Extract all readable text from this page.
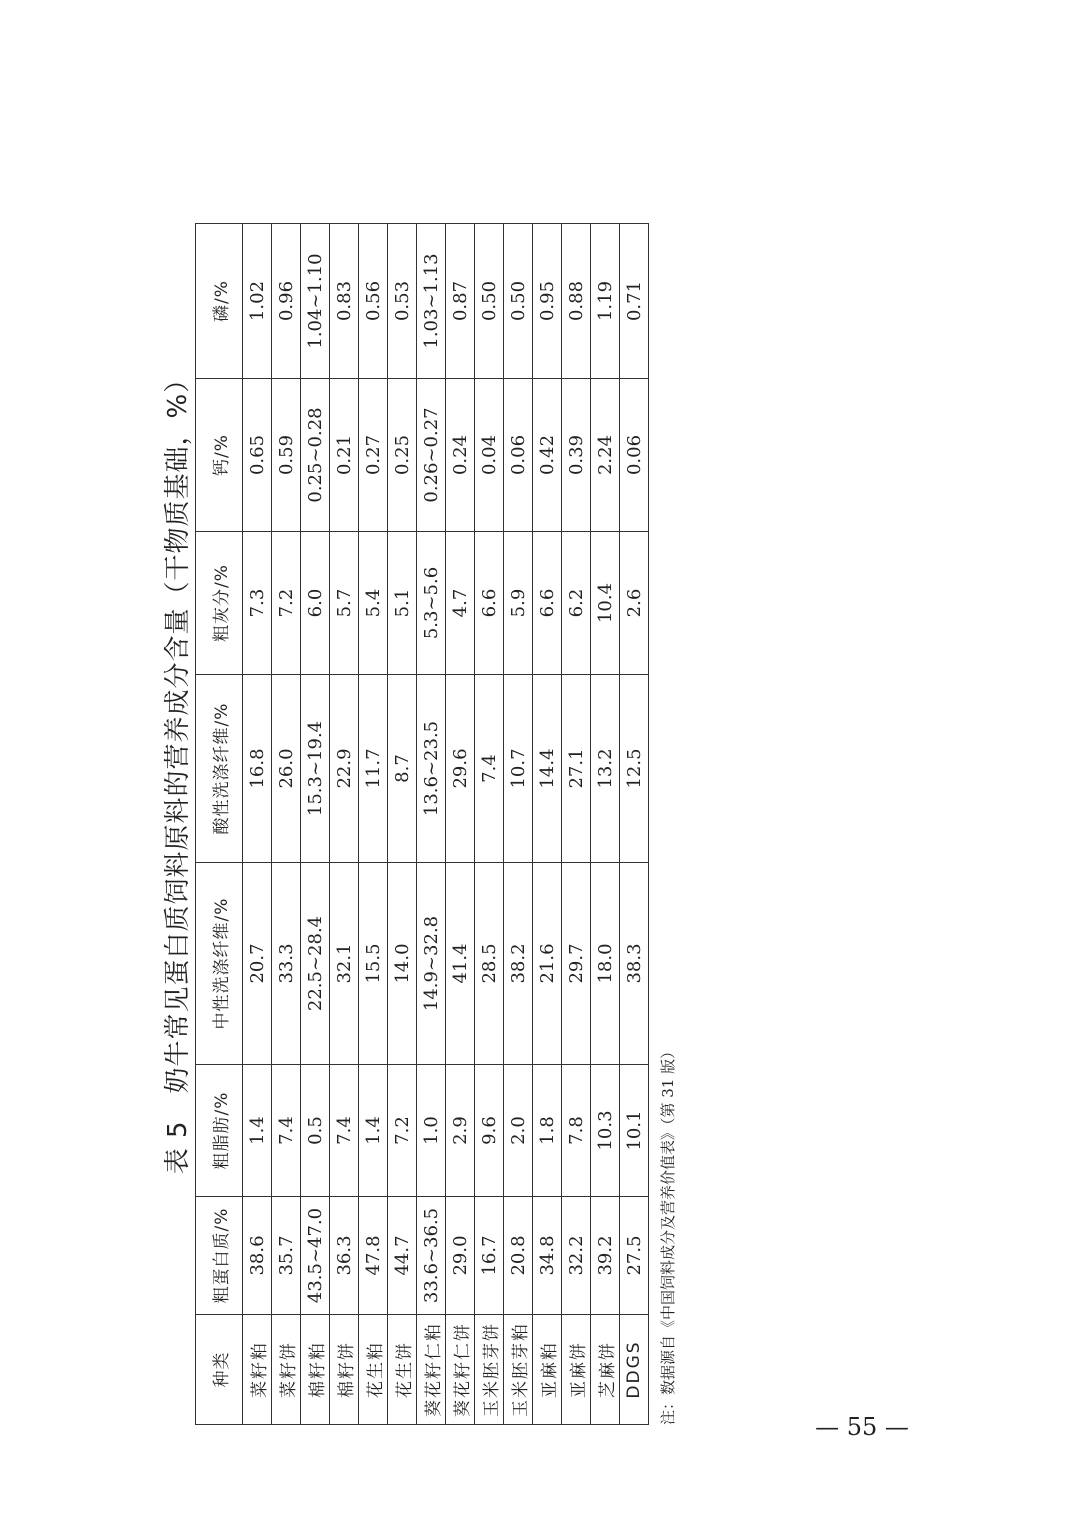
表 5　奶牛常见蛋白质饲料原料的营养成分含量（干物质基础，%）
种类	粗蛋白质/%	粗脂肪/%	中性洗涤纤维/%	酸性洗涤纤维/%	粗灰分/%	钙/%	磷/%
菜籽粕	38.6	1.4	20.7	16.8	7.3	0.65	1.02
菜籽饼	35.7	7.4	33.3	26.0	7.2	0.59	0.96
棉籽粕	43.5~47.0	0.5	22.5~28.4	15.3~19.4	6.0	0.25~0.28	1.04~1.10
棉籽饼	36.3	7.4	32.1	22.9	5.7	0.21	0.83
花生粕	47.8	1.4	15.5	11.7	5.4	0.27	0.56
花生饼	44.7	7.2	14.0	8.7	5.1	0.25	0.53
葵花籽仁粕	33.6~36.5	1.0	14.9~32.8	13.6~23.5	5.3~5.6	0.26~0.27	1.03~1.13
葵花籽仁饼	29.0	2.9	41.4	29.6	4.7	0.24	0.87
玉米胚芽饼	16.7	9.6	28.5	7.4	6.6	0.04	0.50
玉米胚芽粕	20.8	2.0	38.2	10.7	5.9	0.06	0.50
亚麻粕	34.8	1.8	21.6	14.4	6.6	0.42	0.95
亚麻饼	32.2	7.8	29.7	27.1	6.2	0.39	0.88
芝麻饼	39.2	10.3	18.0	13.2	10.4	2.24	1.19
DDGS	27.5	10.1	38.3	12.5	2.6	0.06	0.71
注：数据源自《中国饲料成分及营养价值表》（第 31 版）
— 55 —
